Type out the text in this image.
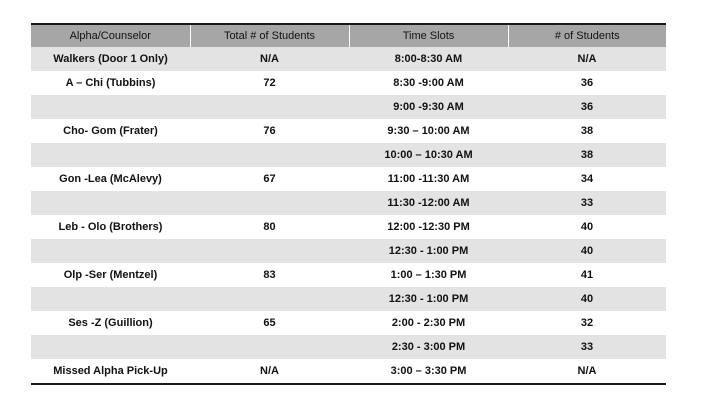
Alpha/Counselor	Total # of Students	Time Slots	# of Students
Walkers (Door 1 Only)	N/A	8:00-8:30 AM	N/A
A – Chi (Tubbins)	72	8:30 -9:00 AM	36
		9:00 -9:30 AM	36
Cho- Gom (Frater)	76	9:30 – 10:00 AM	38
		10:00 – 10:30 AM	38
Gon -Lea (McAlevy)	67	11:00 -11:30 AM	34
		11:30 -12:00 AM	33
Leb - Olo (Brothers)	80	12:00 -12:30 PM	40
		12:30 - 1:00 PM	40
Olp -Ser (Mentzel)	83	1:00 – 1:30 PM	41
		12:30 - 1:00 PM	40
Ses -Z (Guillion)	65	2:00 - 2:30 PM	32
		2:30 - 3:00 PM	33
Missed Alpha Pick-Up	N/A	3:00 – 3:30 PM	N/A
